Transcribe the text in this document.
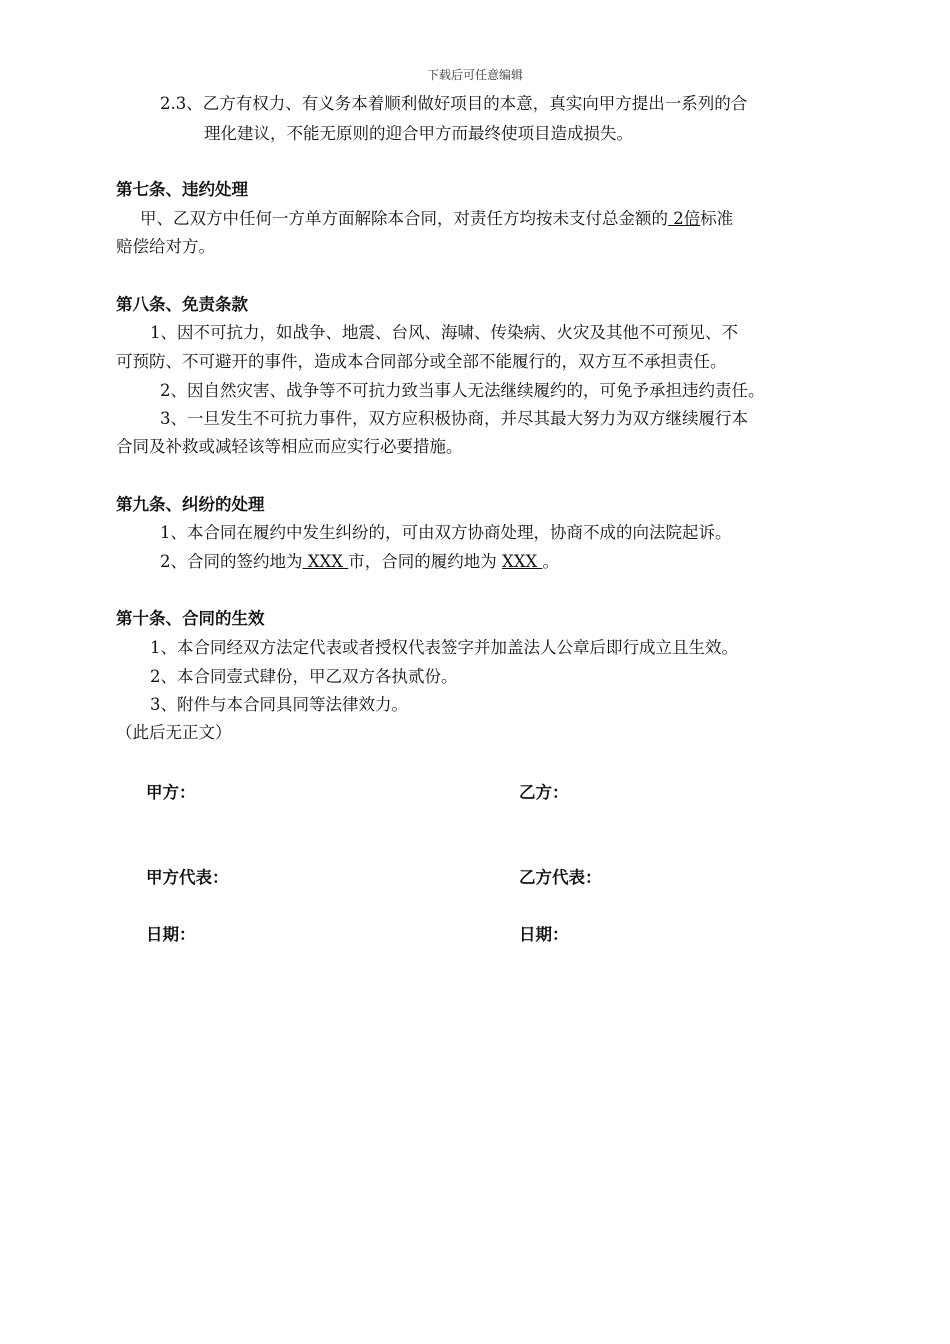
下载后可任意编辑
2.3、乙方有权力、有义务本着顺利做好项目的本意，真实向甲方提出一系列的合
理化建议，不能无原则的迎合甲方而最终使项目造成损失。
第七条、违约处理
甲、乙双方中任何一方单方面解除本合同，对责任方均按未支付总金额的 2倍标准
赔偿给对方。
第八条、免责条款
1、因不可抗力，如战争、地震、台风、海啸、传染病、火灾及其他不可预见、不
可预防、不可避开的事件，造成本合同部分或全部不能履行的，双方互不承担责任。
2、因自然灾害、战争等不可抗力致当事人无法继续履约的，可免予承担违约责任。
3、一旦发生不可抗力事件，双方应积极协商，并尽其最大努力为双方继续履行本
合同及补救或减轻该等相应而应实行必要措施。
第九条、纠纷的处理
1、本合同在履约中发生纠纷的，可由双方协商处理，协商不成的向法院起诉。
2、合同的签约地为 XXX 市，合同的履约地为 XXX 。
第十条、合同的生效
1、本合同经双方法定代表或者授权代表签字并加盖法人公章后即行成立且生效。
2、本合同壹式肆份，甲乙双方各执贰份。
3、附件与本合同具同等法律效力。
（此后无正文）
甲方：	乙方：
甲方代表：	乙方代表：
日期：	日期：
